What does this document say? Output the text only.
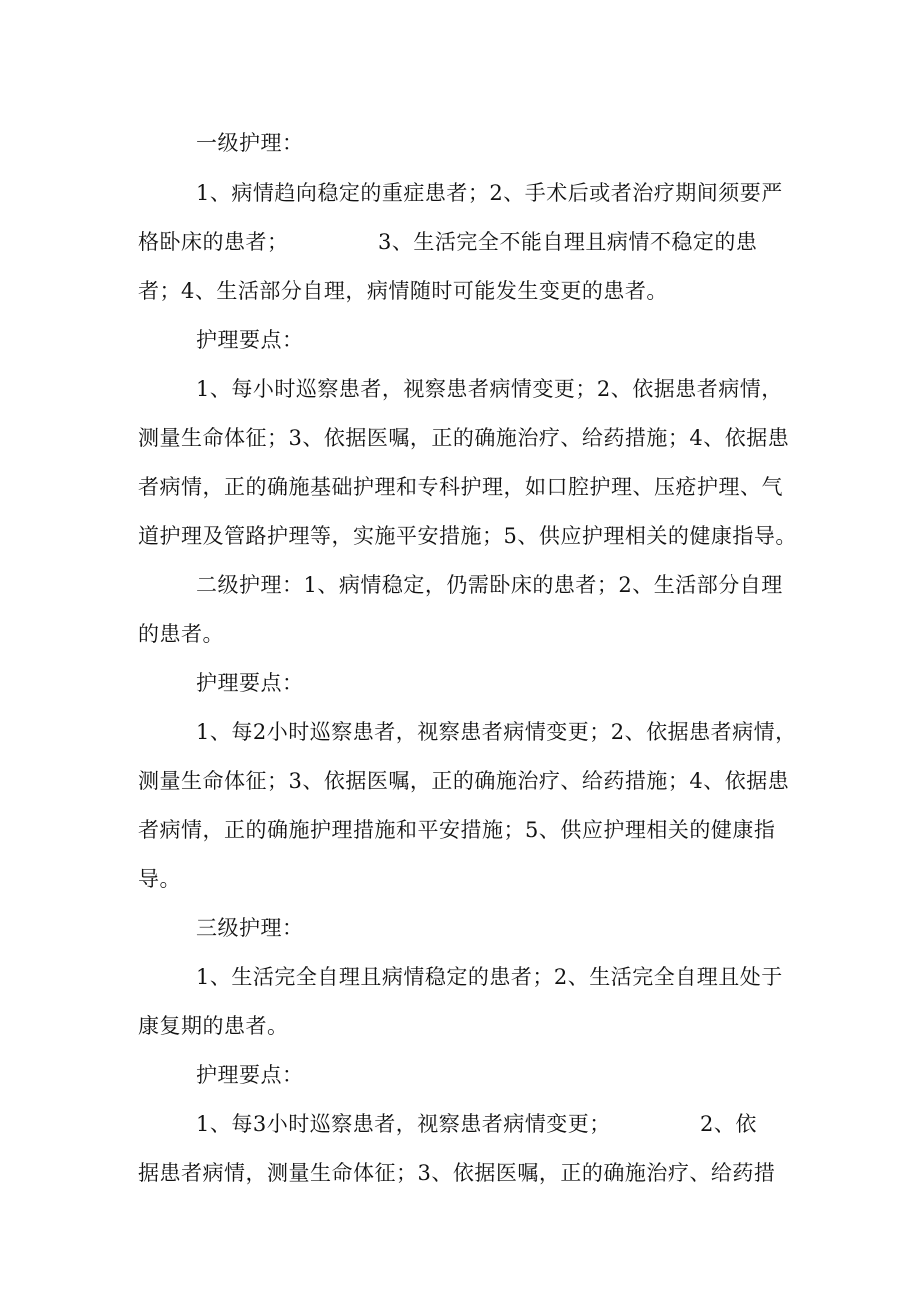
一级护理：
1、病情趋向稳定的重症患者；2、手术后或者治疗期间须要严
格卧床的患者；	3、生活完全不能自理且病情不稳定的患
者；4、生活部分自理，病情随时可能发生变更的患者。
护理要点：
1、每小时巡察患者，视察患者病情变更；2、依据患者病情，
测量生命体征；3、依据医嘱，正的确施治疗、给药措施；4、依据患
者病情，正的确施基础护理和专科护理，如口腔护理、压疮护理、气
道护理及管路护理等，实施平安措施；5、供应护理相关的健康指导。
二级护理：1、病情稳定，仍需卧床的患者；2、生活部分自理
的患者。
护理要点：
1、每2小时巡察患者，视察患者病情变更；2、依据患者病情，
测量生命体征；3、依据医嘱，正的确施治疗、给药措施；4、依据患
者病情，正的确施护理措施和平安措施；5、供应护理相关的健康指
导。
三级护理：
1、生活完全自理且病情稳定的患者；2、生活完全自理且处于
康复期的患者。
护理要点：
1、每3小时巡察患者，视察患者病情变更；	2、依
据患者病情，测量生命体征；3、依据医嘱，正的确施治疗、给药措
